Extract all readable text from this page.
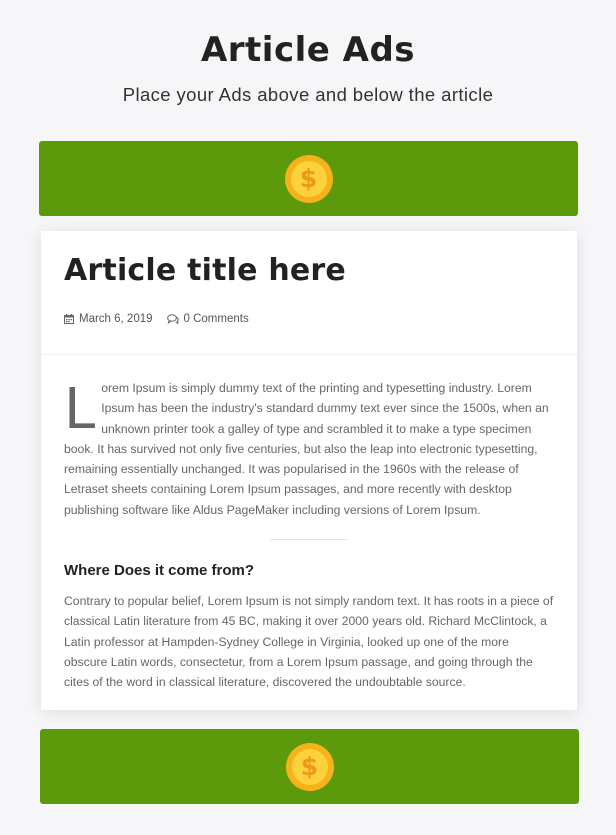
Article Ads

Place your Ads above and below the article

$
Article title here
March 6, 2019	0 Comments
L orem Ipsum is simply dummy text of the printing and typesetting industry. Lorem Ipsum has been the industry's standard dummy text ever since the 1500s, when an unknown printer took a galley of type and scrambled it to make a type specimen book. It has survived not only five centuries, but also the leap into electronic typesetting, remaining essentially unchanged. It was popularised in the 1960s with the release of Letraset sheets containing Lorem Ipsum passages, and more recently with desktop publishing software like Aldus PageMaker including versions of Lorem Ipsum.

Where Does it come from?

Contrary to popular belief, Lorem Ipsum is not simply random text. It has roots in a piece of classical Latin literature from 45 BC, making it over 2000 years old. Richard McClintock, a Latin professor at Hampden-Sydney College in Virginia, looked up one of the more obscure Latin words, consectetur, from a Lorem Ipsum passage, and going through the cites of the word in classical literature, discovered the undoubtable source.

$
